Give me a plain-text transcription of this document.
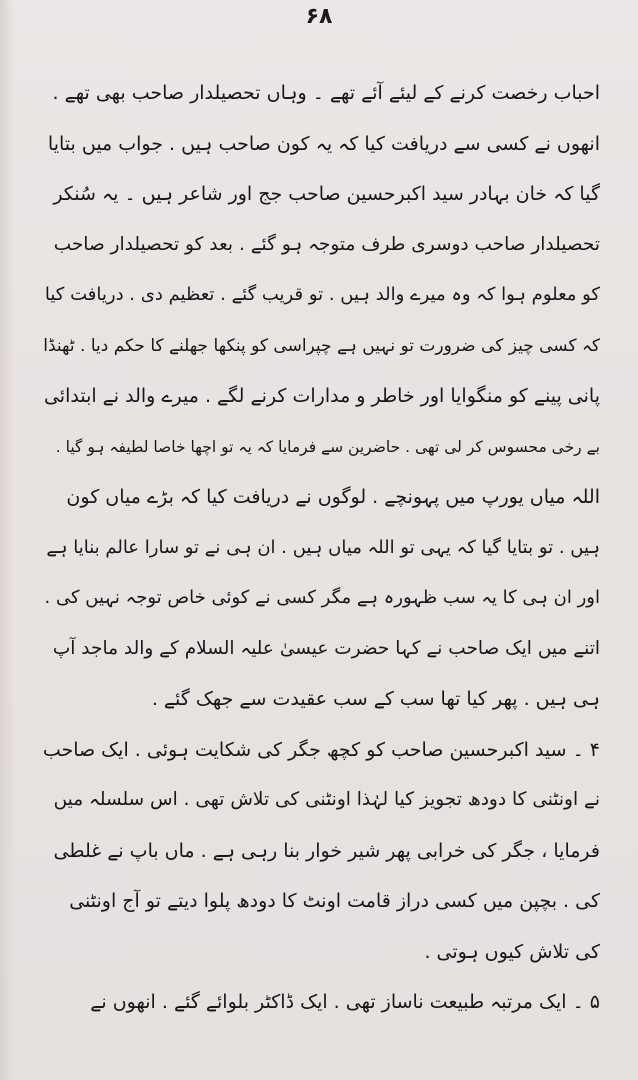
۶۸
احباب رخصت کرنے کے لیئے آئے تھے ۔ وہاں تحصیلدار صاحب بھی تھے .
انھوں نے کسی سے دریافت کیا کہ یہ کون صاحب ہیں . جواب میں بتایا
گیا کہ خان بہادر سید اکبرحسین صاحب جج اور شاعر ہیں ۔ یہ سُنکر
تحصیلدار صاحب دوسری طرف متوجہ ہو گئے . بعد کو تحصیلدار صاحب
کو معلوم ہوا کہ وہ میرے والد ہیں . تو قریب گئے . تعظیم دی . دریافت کیا
کہ کسی چیز کی ضرورت تو نہیں ہے چپراسی کو پنکھا جھلنے کا حکم دیا . ٹھنڈا
پانی پینے کو منگوایا اور خاطر و مدارات کرنے لگے . میرے والد نے ابتدائی
بے رخی محسوس کر لی تھی . حاضرین سے فرمایا کہ یہ تو اچھا خاصا لطیفہ ہو گیا .
اللہ میاں یورپ میں پہونچے . لوگوں نے دریافت کیا کہ بڑے میاں کون
ہیں . تو بتایا گیا کہ یہی تو اللہ میاں ہیں . ان ہی نے تو سارا عالم بنایا ہے
اور ان ہی کا یہ سب ظہورہ ہے مگر کسی نے کوئی خاص توجہ نہیں کی .
اتنے میں ایک صاحب نے کہا حضرت عیسیٰ علیہ السلام کے والد ماجد آپ
ہی ہیں . پھر کیا تھا سب کے سب عقیدت سے جھک گئے .
۴ ۔ سید اکبرحسین صاحب کو کچھ جگر کی شکایت ہوئی . ایک صاحب
نے اونٹنی کا دودھ تجویز کیا لہٰذا اونٹنی کی تلاش تھی . اس سلسلہ میں
فرمایا ، جگر کی خرابی پھر شیر خوار بنا رہی ہے . ماں باپ نے غلطی
کی . بچپن میں کسی دراز قامت اونٹ کا دودھ پلوا دیتے تو آج اونٹنی
کی تلاش کیوں ہوتی .
۵ ۔ ایک مرتبہ طبیعت ناساز تھی . ایک ڈاکٹر بلوائے گئے . انھوں نے
